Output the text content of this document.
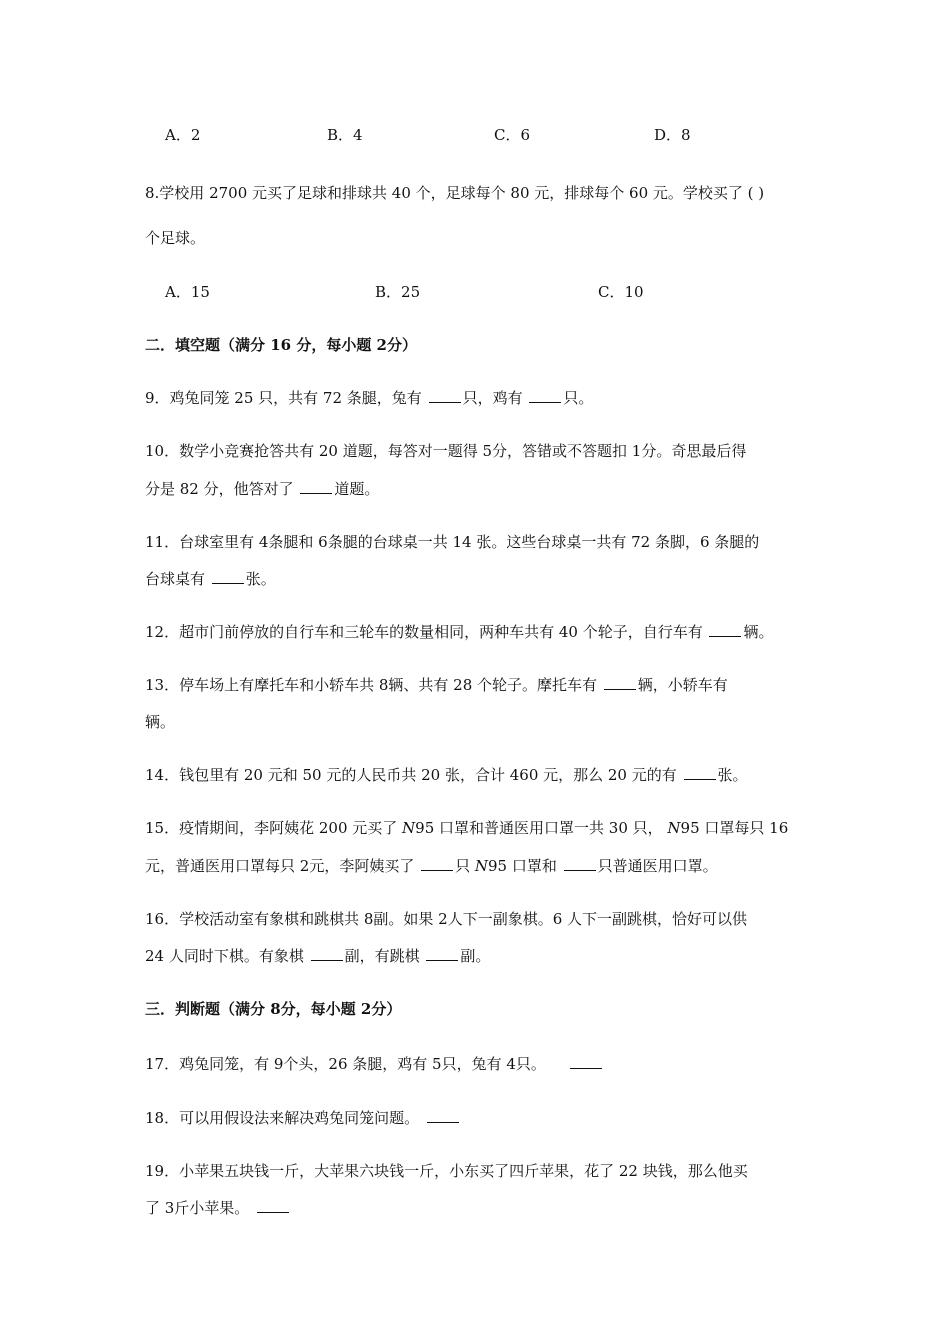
A．2	B．4	C．6	D．8
8.学校用 2700 元买了足球和排球共 40 个，足球每个 80 元，排球每个 60 元。学校买了 ( )
个足球。
A．15	B．25	C．10
二．填空题（满分 16 分，每小题 2分）
9．鸡兔同笼 25 只，共有 72 条腿，兔有 只，鸡有 只。
10．数学小竞赛抢答共有 20 道题，每答对一题得 5分，答错或不答题扣 1分。奇思最后得
分是 82 分，他答对了 道题。
11．台球室里有 4条腿和 6条腿的台球桌一共 14 张。这些台球桌一共有 72 条脚，6 条腿的
台球桌有 张。
12．超市门前停放的自行车和三轮车的数量相同，两种车共有 40 个轮子，自行车有 辆。
13．停车场上有摩托车和小轿车共 8辆、共有 28 个轮子。摩托车有 辆，小轿车有
辆。
14．钱包里有 20 元和 50 元的人民币共 20 张，合计 460 元，那么 20 元的有 张。
15．疫情期间，李阿姨花 200 元买了 N95 口罩和普通医用口罩一共 30 只， N95 口罩每只 16
元，普通医用口罩每只 2元，李阿姨买了 只 N95 口罩和 只普通医用口罩。
16．学校活动室有象棋和跳棋共 8副。如果 2人下一副象棋。6 人下一副跳棋，恰好可以供
24 人同时下棋。有象棋 副，有跳棋 副。
三．判断题（满分 8分，每小题 2分）
17．鸡兔同笼，有 9个头，26 条腿，鸡有 5只，兔有 4只。
18．可以用假设法来解决鸡兔同笼问题。
19．小苹果五块钱一斤，大苹果六块钱一斤，小东买了四斤苹果，花了 22 块钱，那么他买
了 3斤小苹果。
